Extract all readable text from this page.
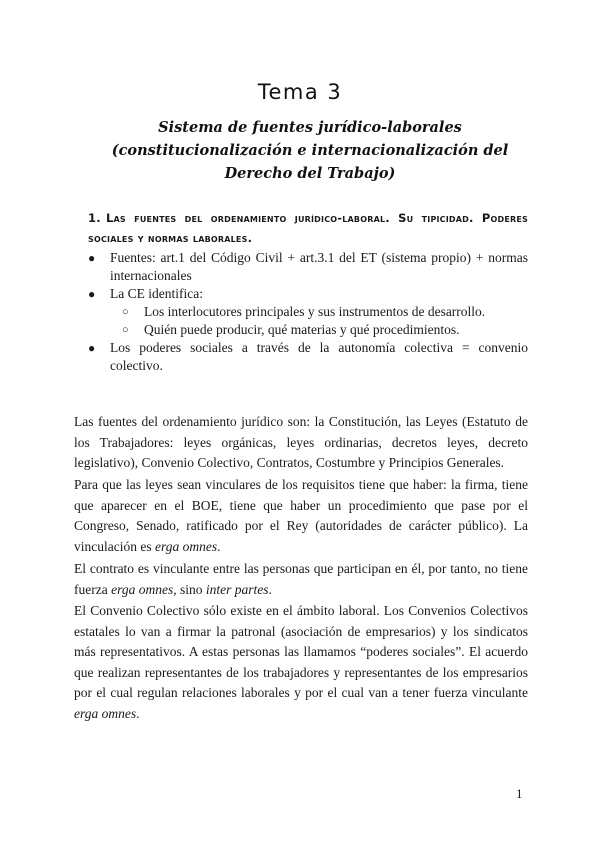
Tema 3
Sistema de fuentes jurídico-laborales (constitucionalización e internacionalización del Derecho del Trabajo)
1. Las fuentes del ordenamiento jurídico-laboral. Su tipicidad. Poderes sociales y normas laborales.
● Fuentes: art.1 del Código Civil + art.3.1 del ET (sistema propio) + normas internacionales
● La CE identifica:
○ Los interlocutores principales y sus instrumentos de desarrollo.
○ Quién puede producir, qué materias y qué procedimientos.
● Los poderes sociales a través de la autonomía colectiva = convenio colectivo.

Las fuentes del ordenamiento jurídico son: la Constitución, las Leyes (Estatuto de los Trabajadores: leyes orgánicas, leyes ordinarias, decretos leyes, decreto legislativo), Convenio Colectivo, Contratos, Costumbre y Principios Generales.

Para que las leyes sean vinculares de los requisitos tiene que haber: la firma, tiene que aparecer en el BOE, tiene que haber un procedimiento que pase por el Congreso, Senado, ratificado por el Rey (autoridades de carácter público). La vinculación es erga omnes.

El contrato es vinculante entre las personas que participan en él, por tanto, no tiene fuerza erga omnes, sino inter partes.

El Convenio Colectivo sólo existe en el ámbito laboral. Los Convenios Colectivos estatales lo van a firmar la patronal (asociación de empresarios) y los sindicatos más representativos. A estas personas las llamamos “poderes sociales”. El acuerdo que realizan representantes de los trabajadores y representantes de los empresarios por el cual regulan relaciones laborales y por el cual van a tener fuerza vinculante erga omnes.

1
